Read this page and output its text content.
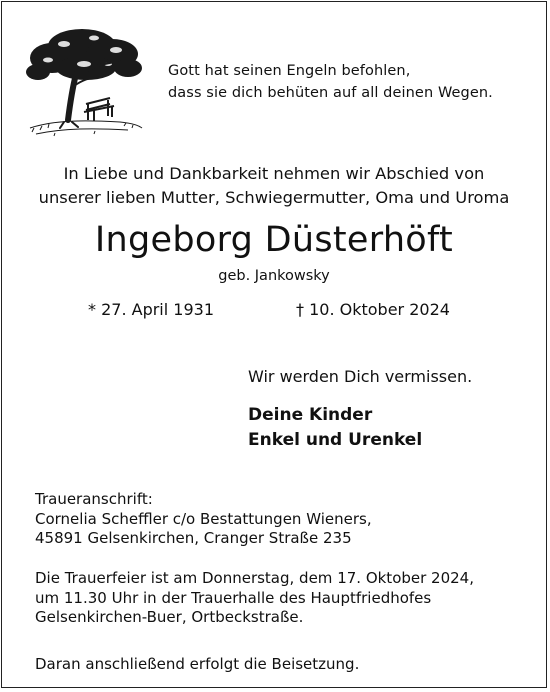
Gott hat seinen Engeln befohlen,
dass sie dich behüten auf all deinen Wegen.
In Liebe und Dankbarkeit nehmen wir Abschied von
unserer lieben Mutter, Schwiegermutter, Oma und Uroma
Ingeborg Düsterhöft
geb. Jankowsky
* 27. April 1931	† 10. Oktober 2024
Wir werden Dich vermissen.
Deine Kinder
Enkel und Urenkel
Traueranschrift:
Cornelia Scheffler c/o Bestattungen Wieners,
45891 Gelsenkirchen, Cranger Straße 235
Die Trauerfeier ist am Donnerstag, dem 17. Oktober 2024,
um 11.30 Uhr in der Trauerhalle des Hauptfriedhofes
Gelsenkirchen-Buer, Ortbeckstraße.
Daran anschließend erfolgt die Beisetzung.
